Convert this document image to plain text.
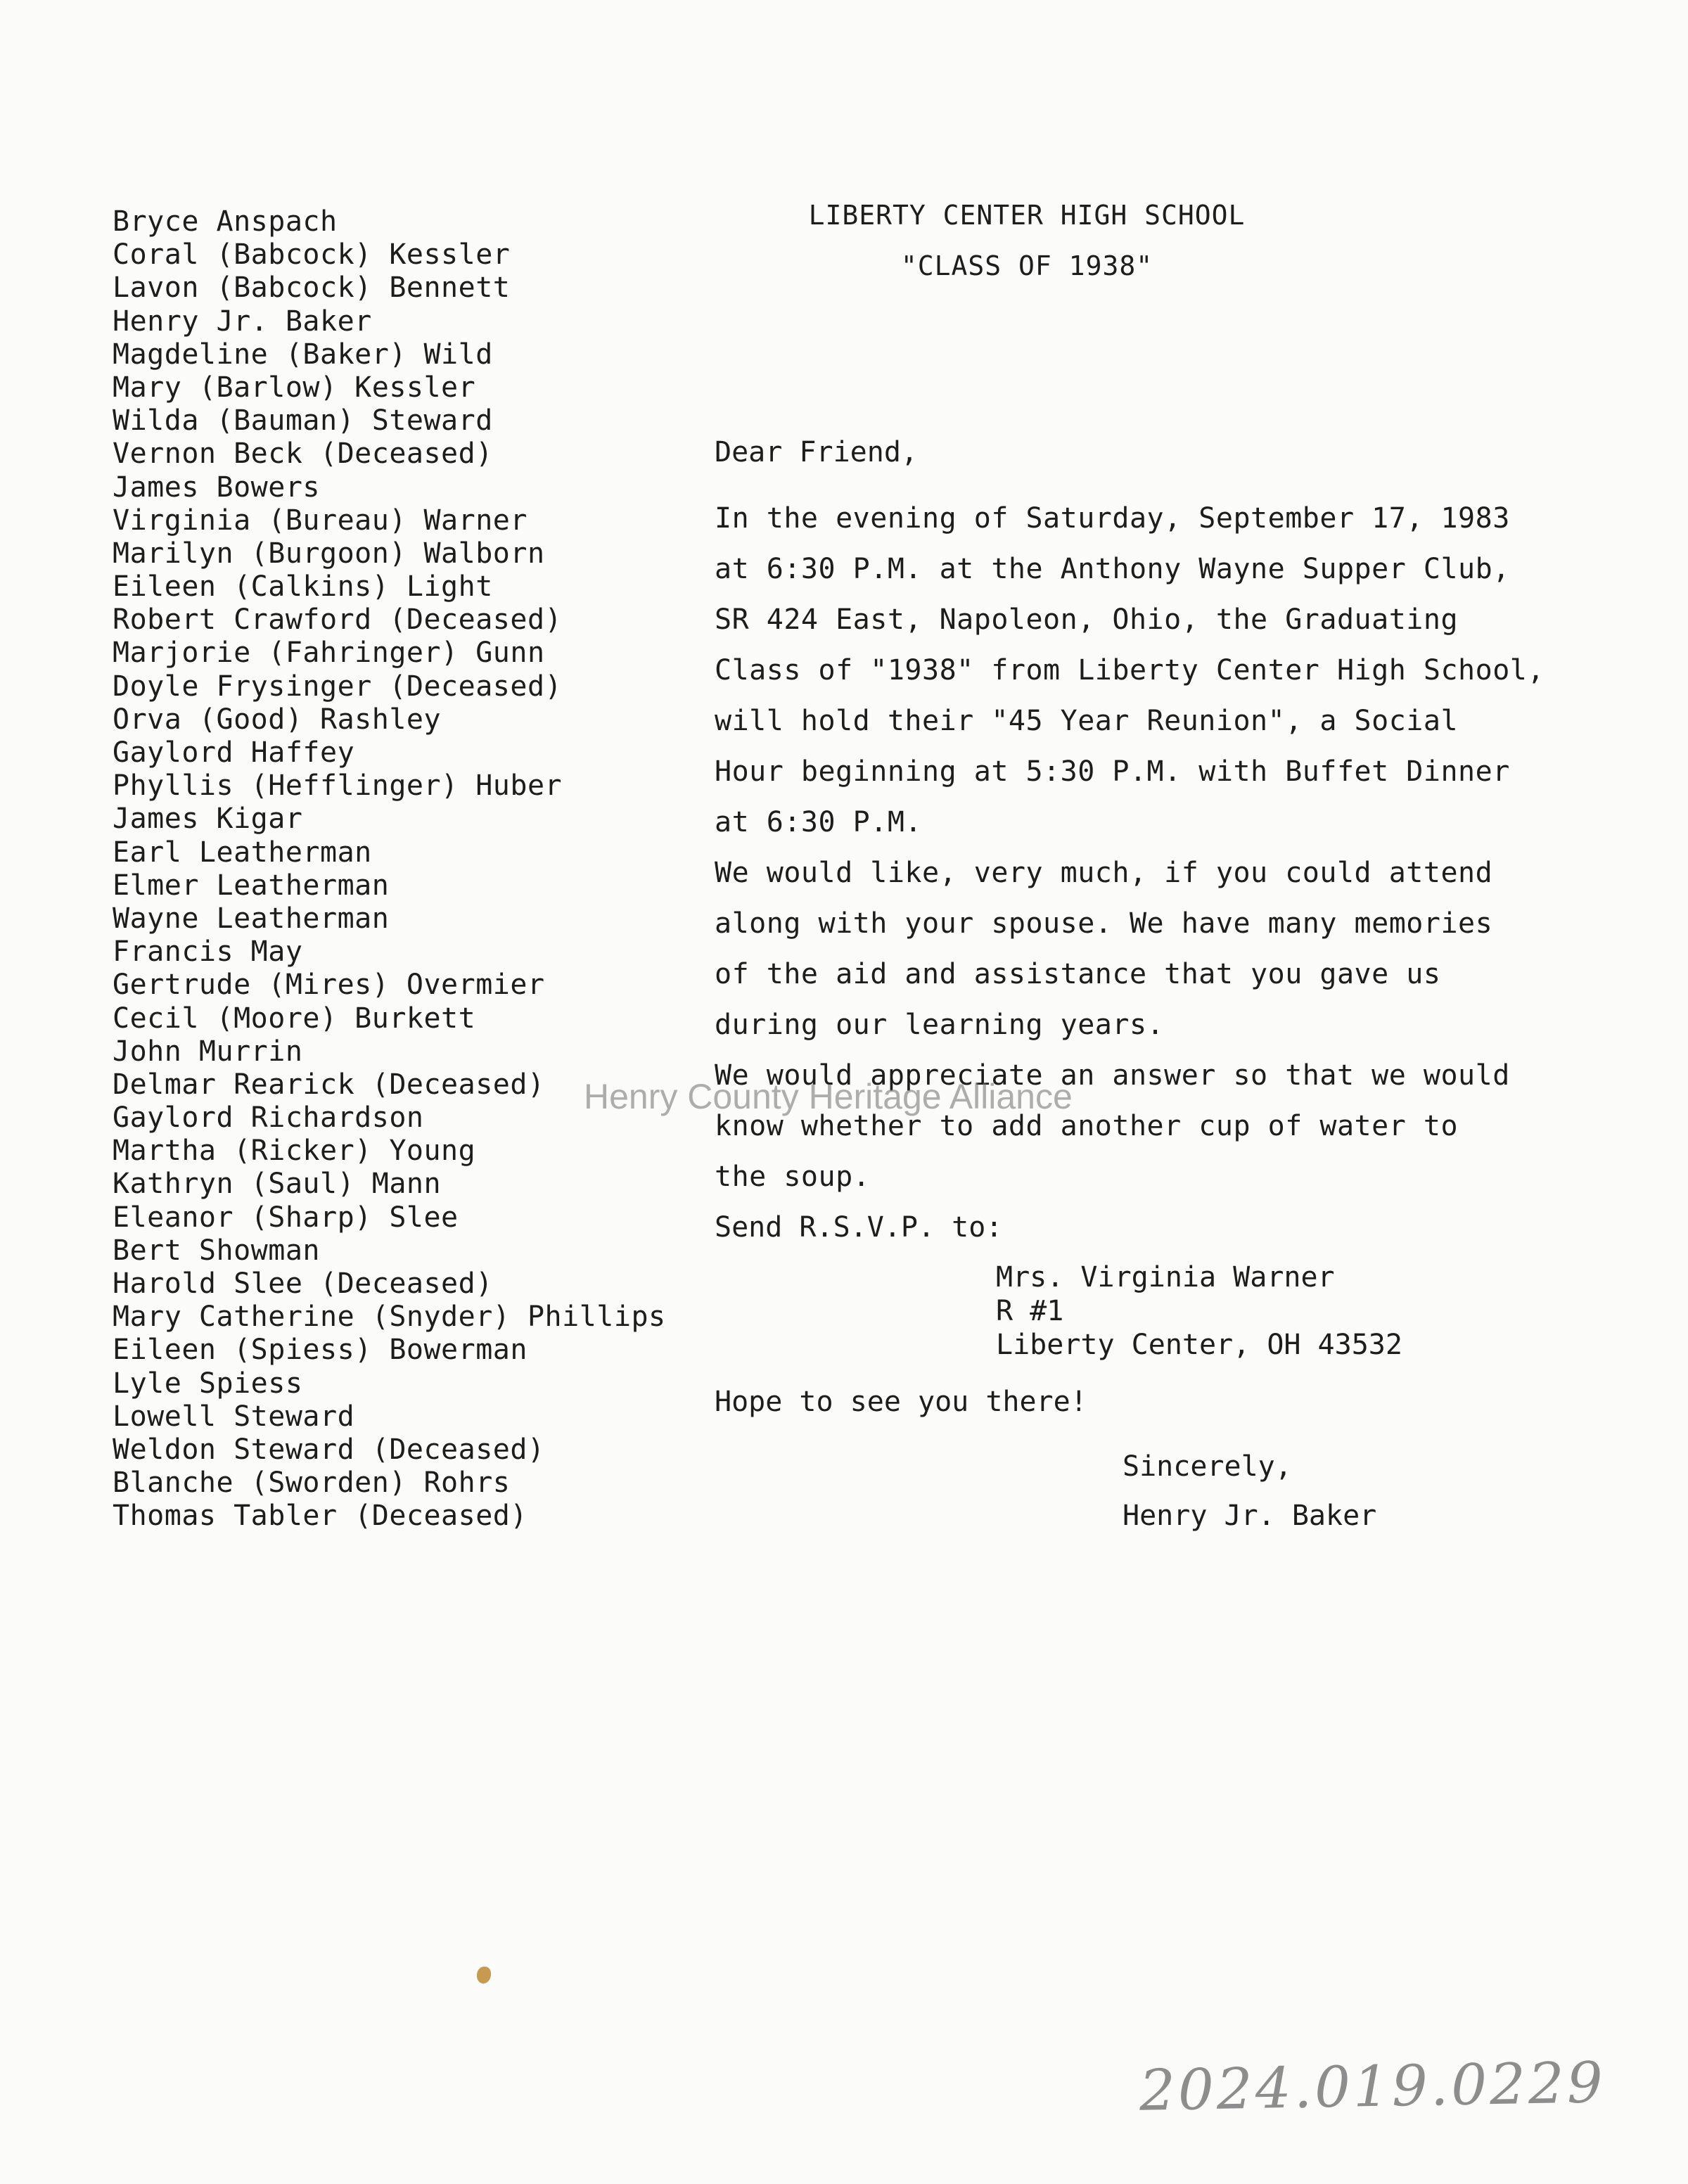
LIBERTY CENTER HIGH SCHOOL
"CLASS OF 1938"
Bryce Anspach
Coral (Babcock) Kessler
Lavon (Babcock) Bennett
Henry Jr. Baker
Magdeline (Baker) Wild
Mary (Barlow) Kessler
Wilda (Bauman) Steward
Vernon Beck (Deceased)
James Bowers
Virginia (Bureau) Warner
Marilyn (Burgoon) Walborn
Eileen (Calkins) Light
Robert Crawford (Deceased)
Marjorie (Fahringer) Gunn
Doyle Frysinger (Deceased)
Orva (Good) Rashley
Gaylord Haffey
Phyllis (Hefflinger) Huber
James Kigar
Earl Leatherman
Elmer Leatherman
Wayne Leatherman
Francis May
Gertrude (Mires) Overmier
Cecil (Moore) Burkett
John Murrin
Delmar Rearick (Deceased)
Gaylord Richardson
Martha (Ricker) Young
Kathryn (Saul) Mann
Eleanor (Sharp) Slee
Bert Showman
Harold Slee (Deceased)
Mary Catherine (Snyder) Phillips
Eileen (Spiess) Bowerman
Lyle Spiess
Lowell Steward
Weldon Steward (Deceased)
Blanche (Sworden) Rohrs
Thomas Tabler (Deceased)
Dear Friend,
In the evening of Saturday, September 17, 1983
at 6:30 P.M. at the Anthony Wayne Supper Club,
SR 424 East, Napoleon, Ohio, the Graduating
Class of "1938" from Liberty Center High School,
will hold their "45 Year Reunion", a Social
Hour beginning at 5:30 P.M. with Buffet Dinner
at 6:30 P.M.
We would like, very much, if you could attend
along with your spouse. We have many memories
of the aid and assistance that you gave us
during our learning years.
We would appreciate an answer so that we would
know whether to add another cup of water to
the soup.
Send R.S.V.P. to:
Mrs. Virginia Warner
R #1
Liberty Center, OH 43532
Hope to see you there!
Sincerely,
Henry Jr. Baker
Henry County Heritage Alliance
2024.019.0229
